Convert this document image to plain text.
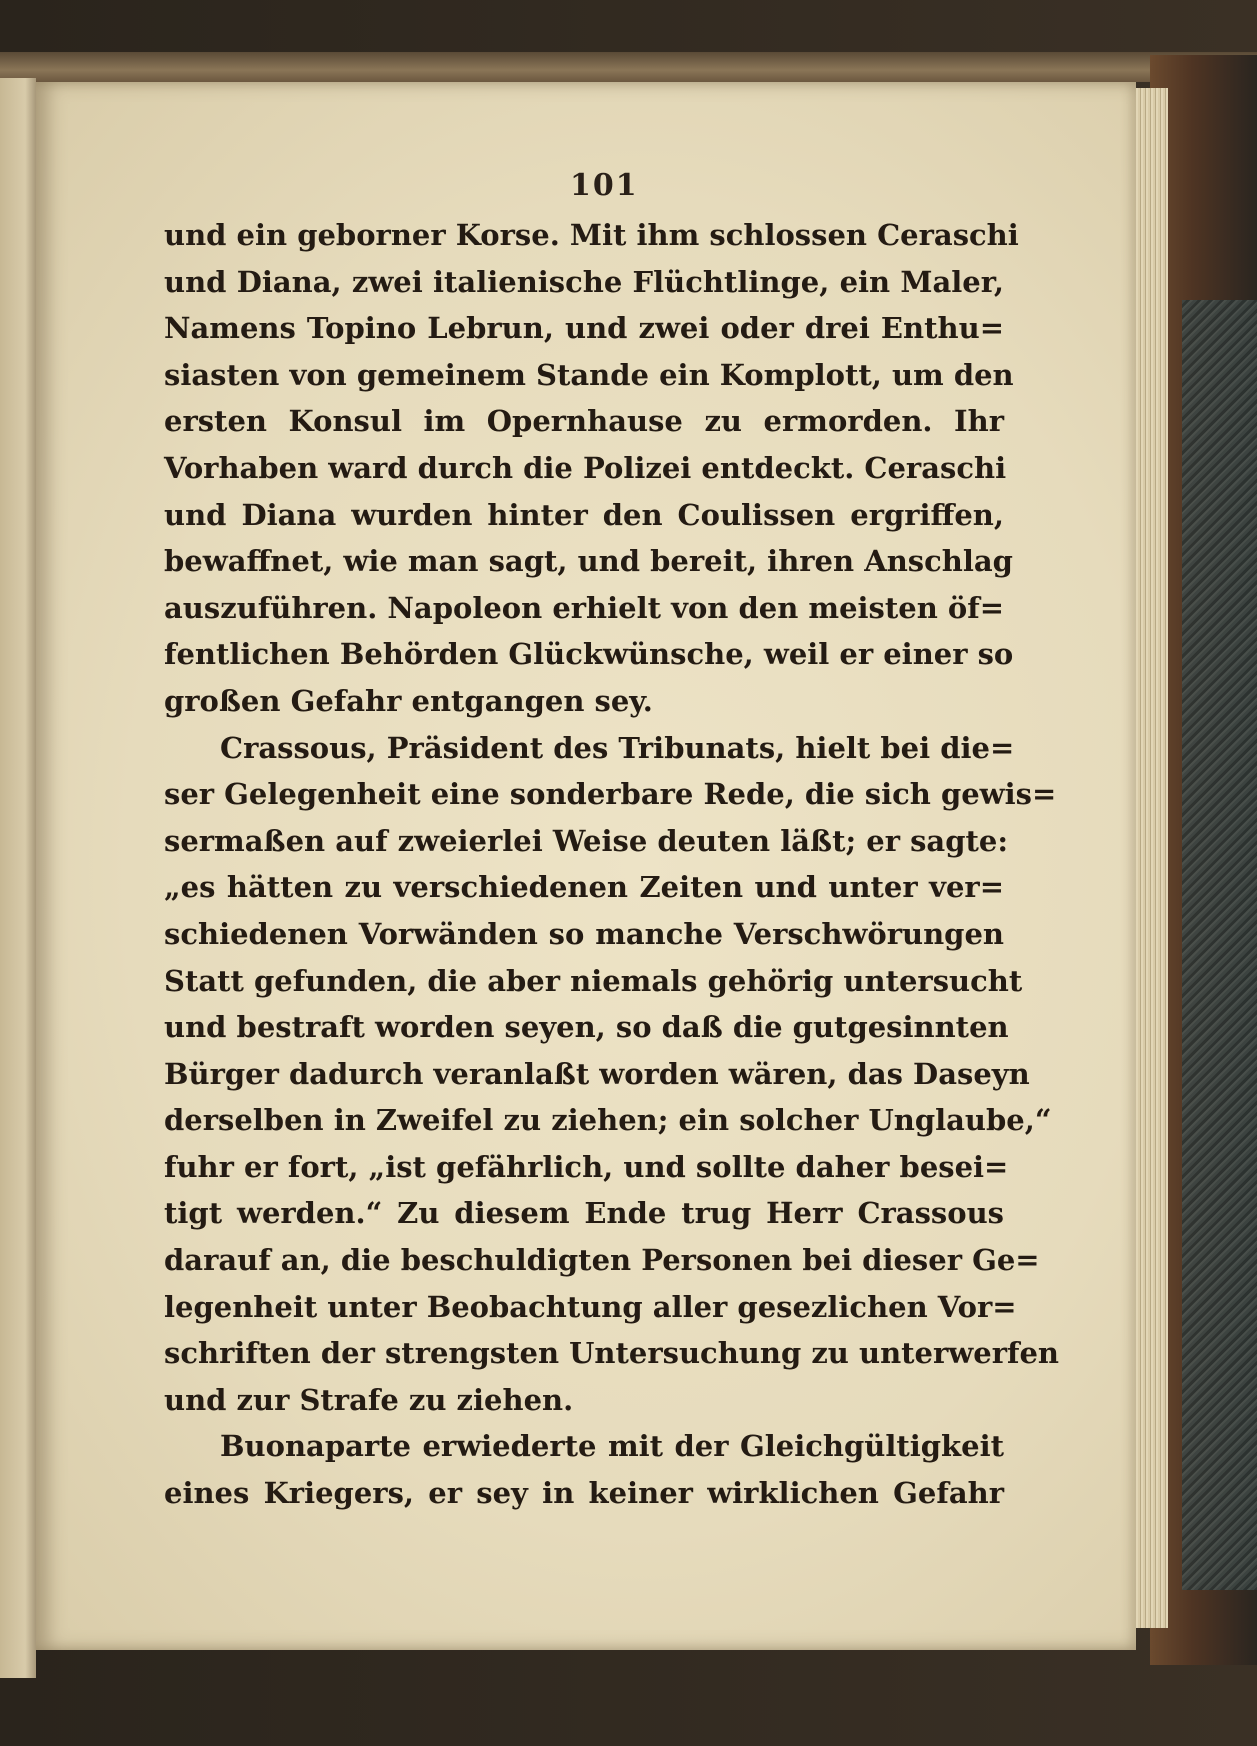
101
und ein geborner Korse. Mit ihm schlossen Ceraschi
und Diana, zwei italienische Flüchtlinge, ein Maler,
Namens Topino Lebrun, und zwei oder drei Enthu=
siasten von gemeinem Stande ein Komplott, um den
ersten Konsul im Opernhause zu ermorden. Ihr
Vorhaben ward durch die Polizei entdeckt. Ceraschi
und Diana wurden hinter den Coulissen ergriffen,
bewaffnet, wie man sagt, und bereit, ihren Anschlag
auszuführen. Napoleon erhielt von den meisten öf=
fentlichen Behörden Glückwünsche, weil er einer so
großen Gefahr entgangen sey.
Crassous, Präsident des Tribunats, hielt bei die=
ser Gelegenheit eine sonderbare Rede, die sich gewis=
sermaßen auf zweierlei Weise deuten läßt; er sagte:
„es hätten zu verschiedenen Zeiten und unter ver=
schiedenen Vorwänden so manche Verschwörungen
Statt gefunden, die aber niemals gehörig untersucht
und bestraft worden seyen, so daß die gutgesinnten
Bürger dadurch veranlaßt worden wären, das Daseyn
derselben in Zweifel zu ziehen; ein solcher Unglaube,“
fuhr er fort, „ist gefährlich, und sollte daher besei=
tigt werden.“ Zu diesem Ende trug Herr Crassous
darauf an, die beschuldigten Personen bei dieser Ge=
legenheit unter Beobachtung aller gesezlichen Vor=
schriften der strengsten Untersuchung zu unterwerfen
und zur Strafe zu ziehen.
Buonaparte erwiederte mit der Gleichgültigkeit
eines Kriegers, er sey in keiner wirklichen Gefahr
